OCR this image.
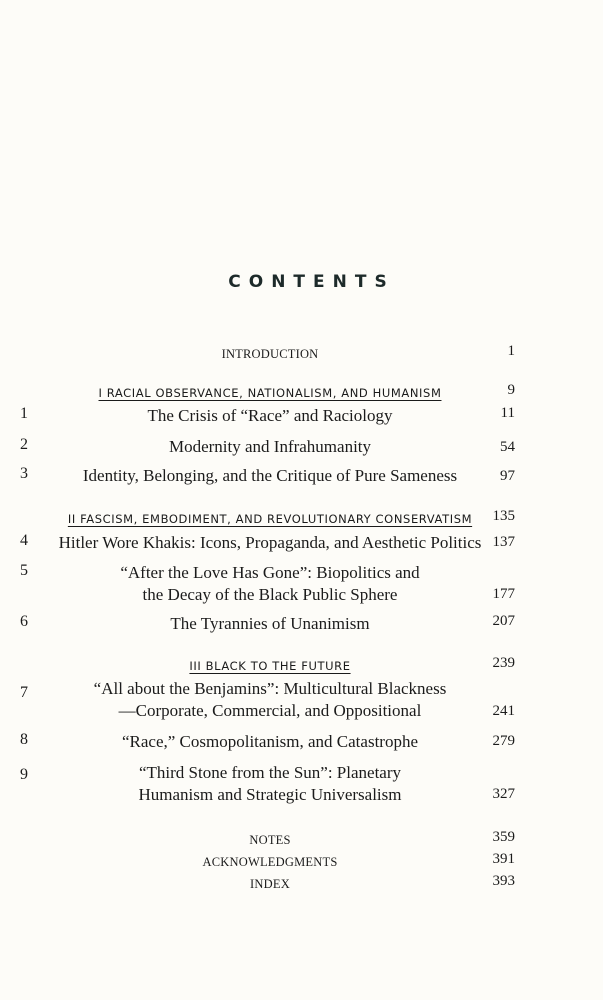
CONTENTS
INTRODUCTION	1
I RACIAL OBSERVANCE, NATIONALISM, AND HUMANISM	9
1	The Crisis of “Race” and Raciology	11
2	Modernity and Infrahumanity	54
3	Identity, Belonging, and the Critique of Pure Sameness	97
II FASCISM, EMBODIMENT, AND REVOLUTIONARY CONSERVATISM	135
4	Hitler Wore Khakis: Icons, Propaganda, and Aesthetic Politics 137
5	“After the Love Has Gone”: Biopolitics and
the Decay of the Black Public Sphere	177
6	The Tyrannies of Unanimism	207
III BLACK TO THE FUTURE	239
7	“All about the Benjamins”: Multicultural Blackness
—Corporate, Commercial, and Oppositional	241
8	“Race,” Cosmopolitanism, and Catastrophe	279
9	“Third Stone from the Sun”: Planetary
Humanism and Strategic Universalism	327
NOTES	359
ACKNOWLEDGMENTS	391
INDEX	393
